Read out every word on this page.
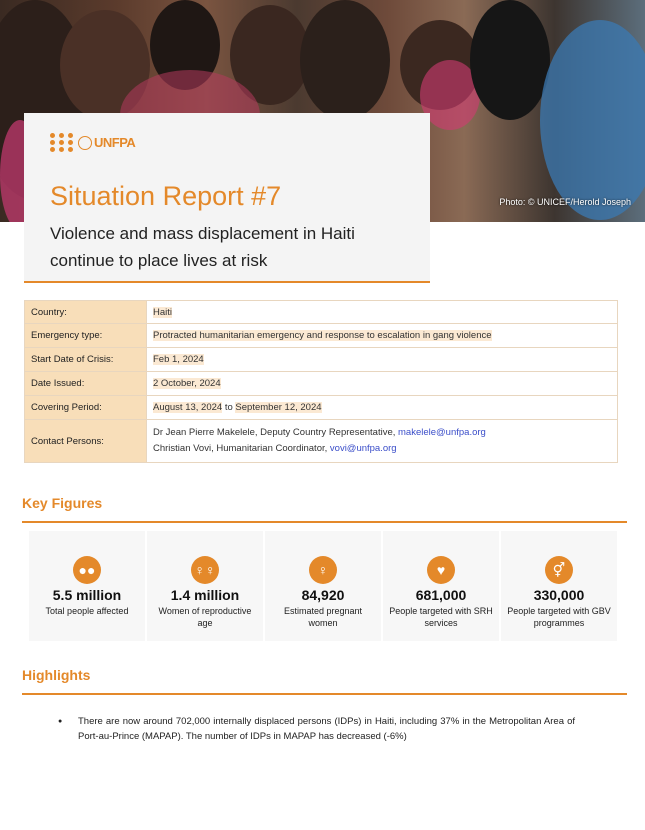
Photo: © UNICEF/Herold Joseph
UNFPA
Situation Report #7
Violence and mass displacement in Haiti continue to place lives at risk
Country:	Haiti
Emergency type:	Protracted humanitarian emergency and response to escalation in gang violence
Start Date of Crisis:	Feb 1, 2024
Date Issued:	2 October, 2024
Covering Period:	August 13, 2024 to September 12, 2024
Contact Persons:	Dr Jean Pierre Makelele, Deputy Country Representative, makelele@unfpa.org
Christian Vovi, Humanitarian Coordinator, vovi@unfpa.org
Key Figures
●●
5.5 million
Total people affected
♀♀
1.4 million
Women of reproductive age
♀
84,920
Estimated pregnant women
♥
681,000
People targeted with SRH services
⚥
330,000
People targeted with GBV programmes
Highlights
● There are now around 702,000 internally displaced persons (IDPs) in Haiti, including 37% in the Metropolitan Area of Port-au-Prince (MAPAP). The number of IDPs in MAPAP has decreased (-6%)
